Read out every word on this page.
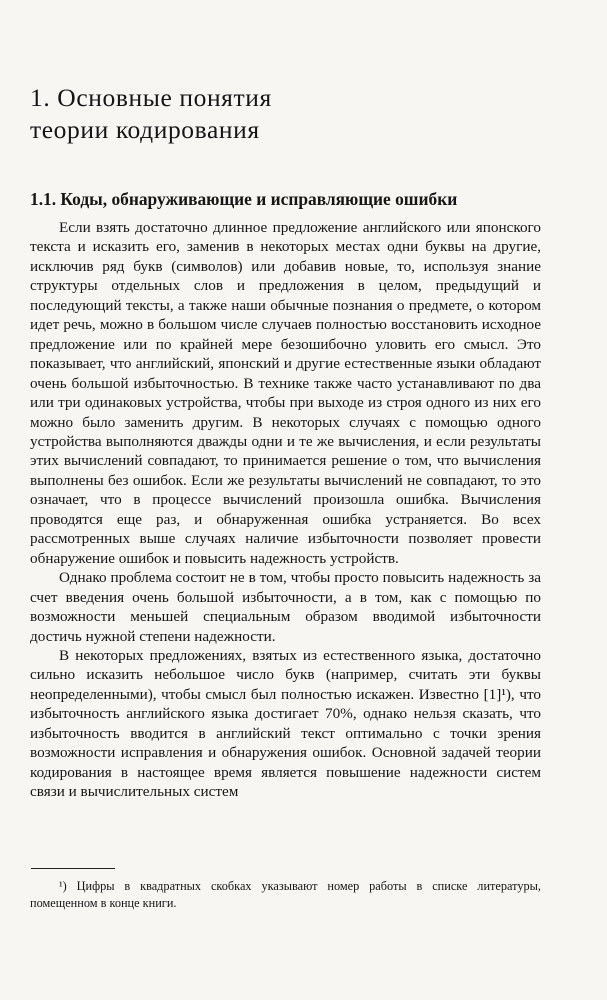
1. Основные понятия
теории кодирования
1.1. Коды, обнаруживающие и исправляющие ошибки

Если взять достаточно длинное предложение английского или японского текста и исказить его, заменив в некоторых местах одни буквы на другие, исключив ряд букв (символов) или добавив новые, то, используя знание структуры отдельных слов и предложения в целом, предыдущий и последующий тексты, а также наши обычные познания о предмете, о котором идет речь, можно в большом числе случаев полностью восстановить исходное предложение или по крайней мере безошибочно уловить его смысл. Это показывает, что английский, японский и другие естественные языки обладают очень большой избыточностью. В технике также часто устанавливают по два или три одинаковых устройства, чтобы при выходе из строя одного из них его можно было заменить другим. В некоторых случаях с помощью одного устройства выполняются дважды одни и те же вычисления, и если результаты этих вычислений совпадают, то принимается решение о том, что вычисления выполнены без ошибок. Если же результаты вычислений не совпадают, то это означает, что в процессе вычислений произошла ошибка. Вычисления проводятся еще раз, и обнаруженная ошибка устраняется. Во всех рассмотренных выше случаях наличие избыточности позволяет провести обнаружение ошибок и повысить надежность устройств.

Однако проблема состоит не в том, чтобы просто повысить надежность за счет введения очень большой избыточности, а в том, как с помощью по возможности меньшей специальным образом вводимой избыточности достичь нужной степени надежности.

В некоторых предложениях, взятых из естественного языка, достаточно сильно исказить небольшое число букв (например, считать эти буквы неопределенными), чтобы смысл был полностью искажен. Известно [1]¹), что избыточность английского языка достигает 70%, однако нельзя сказать, что избыточность вводится в английский текст оптимально с точки зрения возможности исправления и обнаружения ошибок. Основной задачей теории кодирования в настоящее время является повышение надежности систем связи и вычислительных систем

¹) Цифры в квадратных скобках указывают номер работы в списке литературы, помещенном в конце книги.
